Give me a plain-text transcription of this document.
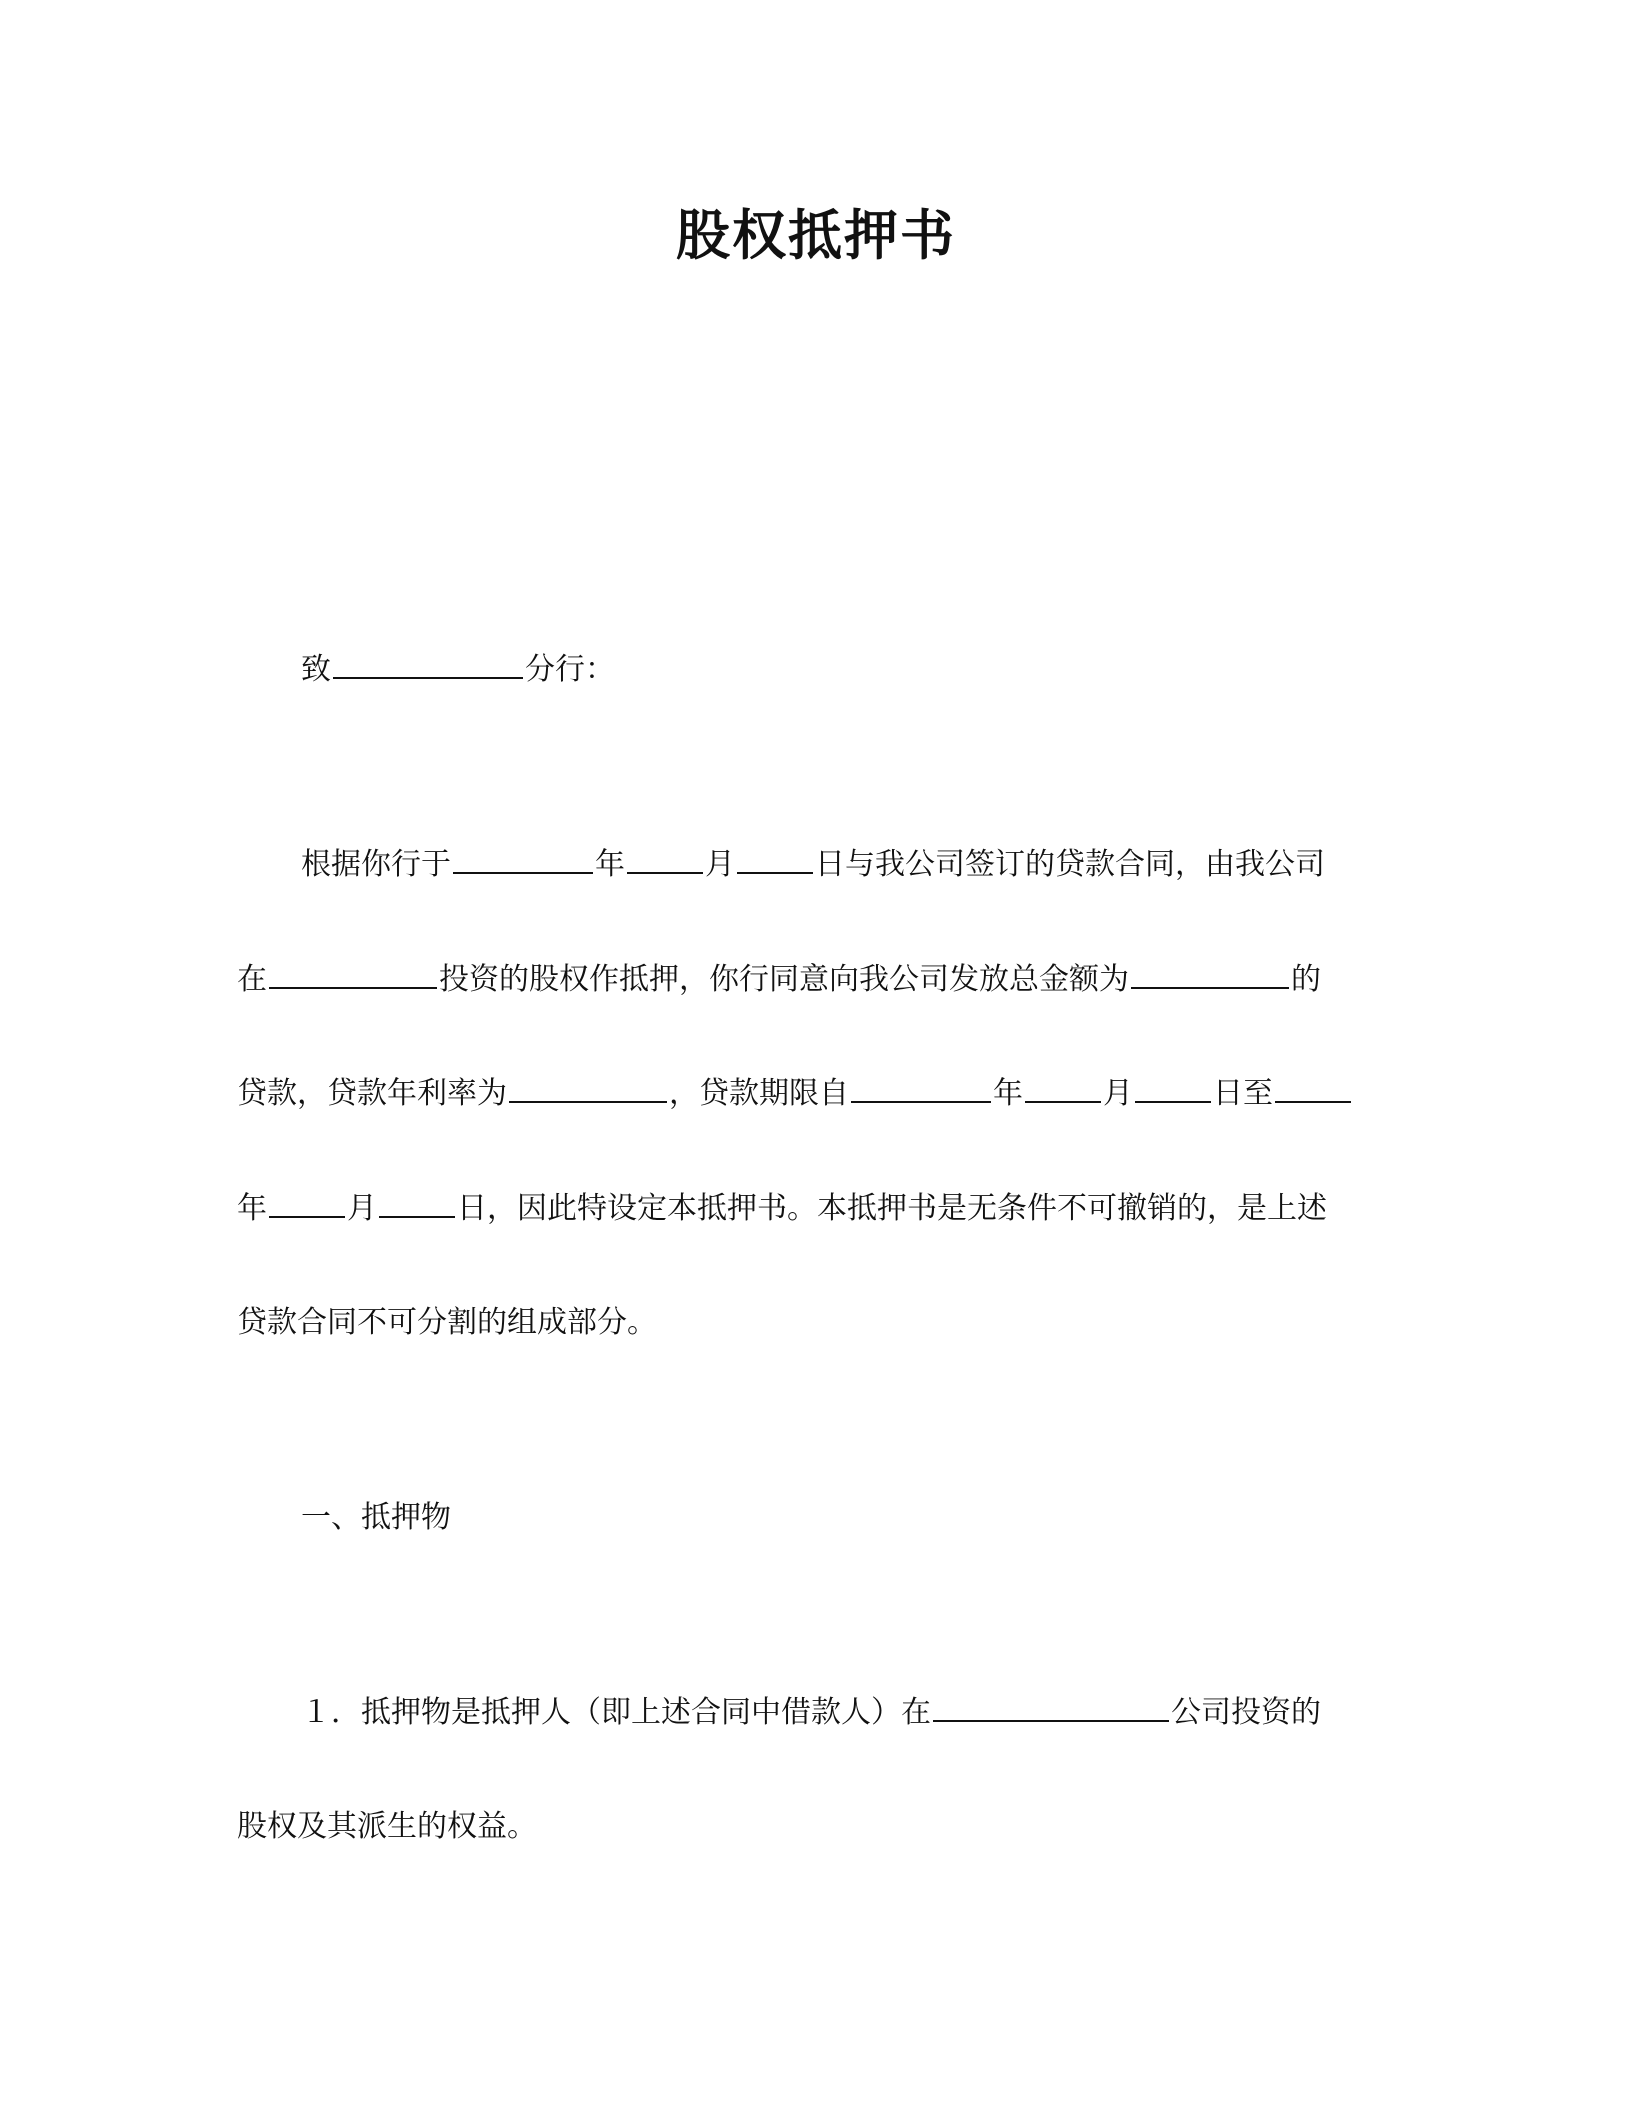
股权抵押书
致	分行：
根据你行于	年	月	日与我公司签订的贷款合同，由我公司
在	投资的股权作抵押，你行同意向我公司发放总金额为	的
贷款，贷款年利率为	，贷款期限自	年	月	日至
年	月	日，因此特设定本抵押书。本抵押书是无条件不可撤销的，是上述
贷款合同不可分割的组成部分。
一、抵押物
１．抵押物是抵押人（即上述合同中借款人）在	公司投资的
股权及其派生的权益。
